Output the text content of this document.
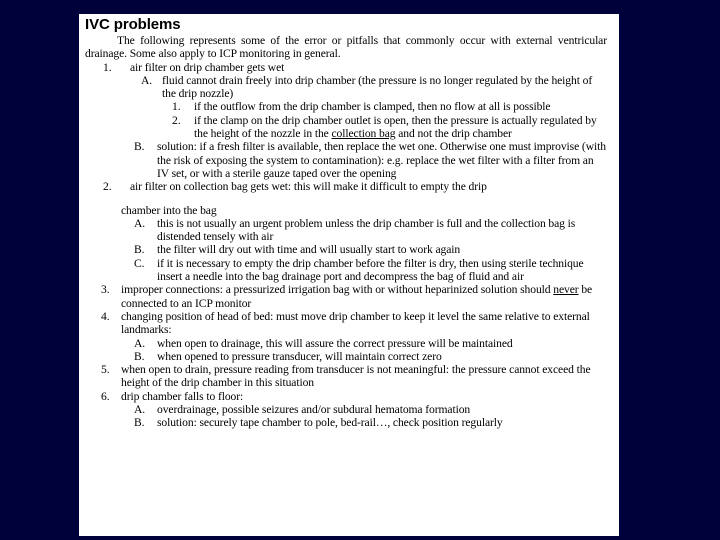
IVC problems
The following represents some of the error or pitfalls that commonly occur with external ventricular drainage. Some also apply to ICP monitoring in general.
1. air filter on drip chamber gets wet
A. fluid cannot drain freely into drip chamber (the pressure is no longer regulated by the height of the drip nozzle)
1. if the outflow from the drip chamber is clamped, then no flow at all is possible
2. if the clamp on the drip chamber outlet is open, then the pressure is actually regulated by the height of the nozzle in the collection bag and not the drip chamber
B. solution: if a fresh filter is available, then replace the wet one. Otherwise one must improvise (with the risk of exposing the system to contamination): e.g. replace the wet filter with a filter from an IV set, or with a sterile gauze taped over the opening
2. air filter on collection bag gets wet: this will make it difficult to empty the drip
chamber into the bag
A. this is not usually an urgent problem unless the drip chamber is full and the collection bag is distended tensely with air
B. the filter will dry out with time and will usually start to work again
C. if it is necessary to empty the drip chamber before the filter is dry, then using sterile technique insert a needle into the bag drainage port and decompress the bag of fluid and air
3. improper connections: a pressurized irrigation bag with or without heparinized solution should never be connected to an ICP monitor
4. changing position of head of bed: must move drip chamber to keep it level the same relative to external landmarks:
A. when open to drainage, this will assure the correct pressure will be maintained
B. when opened to pressure transducer, will maintain correct zero
5. when open to drain, pressure reading from transducer is not meaningful: the pressure cannot exceed the height of the drip chamber in this situation
6. drip chamber falls to floor:
A. overdrainage, possible seizures and/or subdural hematoma formation
B. solution: securely tape chamber to pole, bed-rail…, check position regularly
